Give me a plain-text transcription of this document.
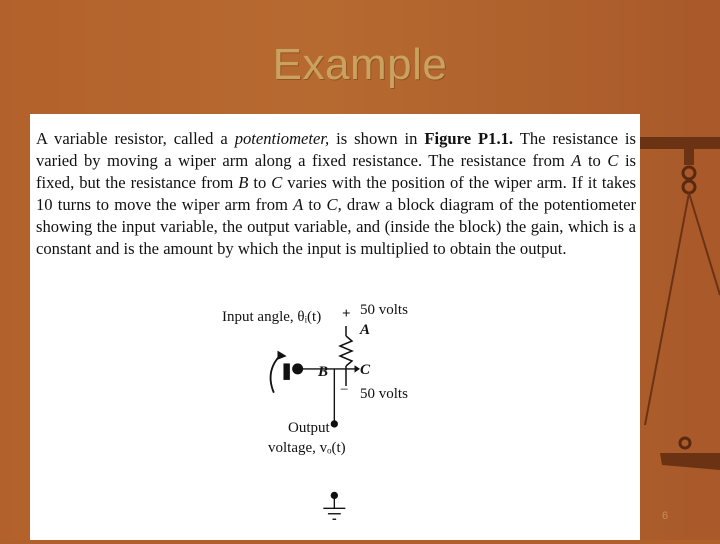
Example

A variable resistor, called a potentiometer, is shown in Figure P1.1. The resistance is varied by moving a wiper arm along a fixed resistance. The resistance from A to C is fixed, but the resistance from B to C varies with the position of the wiper arm. If it takes 10 turns to move the wiper arm from A to C, draw a block diagram of the potentiometer showing the input variable, the output variable, and (inside the block) the gain, which is a constant and is the amount by which the input is multiplied to obtain the output.

Input angle, θᵢ(t) + 50 volts
A
B C
− 50 volts
Output
voltage, vₒ(t)
6
